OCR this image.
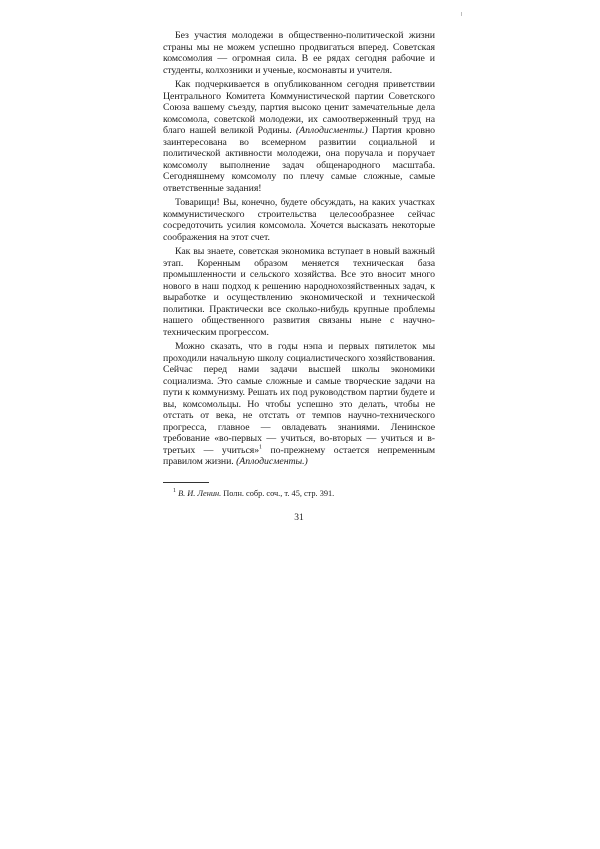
Без участия молодежи в общественно-политической жизни страны мы не можем успешно продвигаться вперед. Советская комсомолия — огромная сила. В ее рядах сегодня рабочие и студенты, колхозники и ученые, космонавты и учителя.

Как подчеркивается в опубликованном сегодня приветствии Центрального Комитета Коммунистической партии Советского Союза вашему съезду, партия высоко ценит замечательные дела комсомола, советской молодежи, их самоотверженный труд на благо нашей великой Родины. (Аплодисменты.) Партия кровно заинтересована во всемерном развитии социальной и политической активности молодежи, она поручала и поручает комсомолу выполнение задач общенародного масштаба. Сегодняшнему комсомолу по плечу самые сложные, самые ответственные задания!

Товарищи! Вы, конечно, будете обсуждать, на каких участках коммунистического строительства целесообразнее сейчас сосредоточить усилия комсомола. Хочется высказать некоторые соображения на этот счет.

Как вы знаете, советская экономика вступает в новый важный этап. Коренным образом меняется техническая база промышленности и сельского хозяйства. Все это вносит много нового в наш подход к решению народнохозяйственных задач, к выработке и осуществлению экономической и технической политики. Практически все сколько-нибудь крупные проблемы нашего общественного развития связаны ныне с научно-техническим прогрессом.

Можно сказать, что в годы нэпа и первых пятилеток мы проходили начальную школу социалистического хозяйствования. Сейчас перед нами задачи высшей школы экономики социализма. Это самые сложные и самые творческие задачи на пути к коммунизму. Решать их под руководством партии будете и вы, комсомольцы. Но чтобы успешно это делать, чтобы не отстать от века, не отстать от темпов научно-технического прогресса, главное — овладевать знаниями. Ленинское требование «во-первых — учиться, во-вторых — учиться и в-третьих — учиться»$^1$ по-прежнему остается непременным правилом жизни. (Аплодисменты.)

$^1$ В. И. Ленин. Полн. собр. соч., т. 45, стр. 391.

31
